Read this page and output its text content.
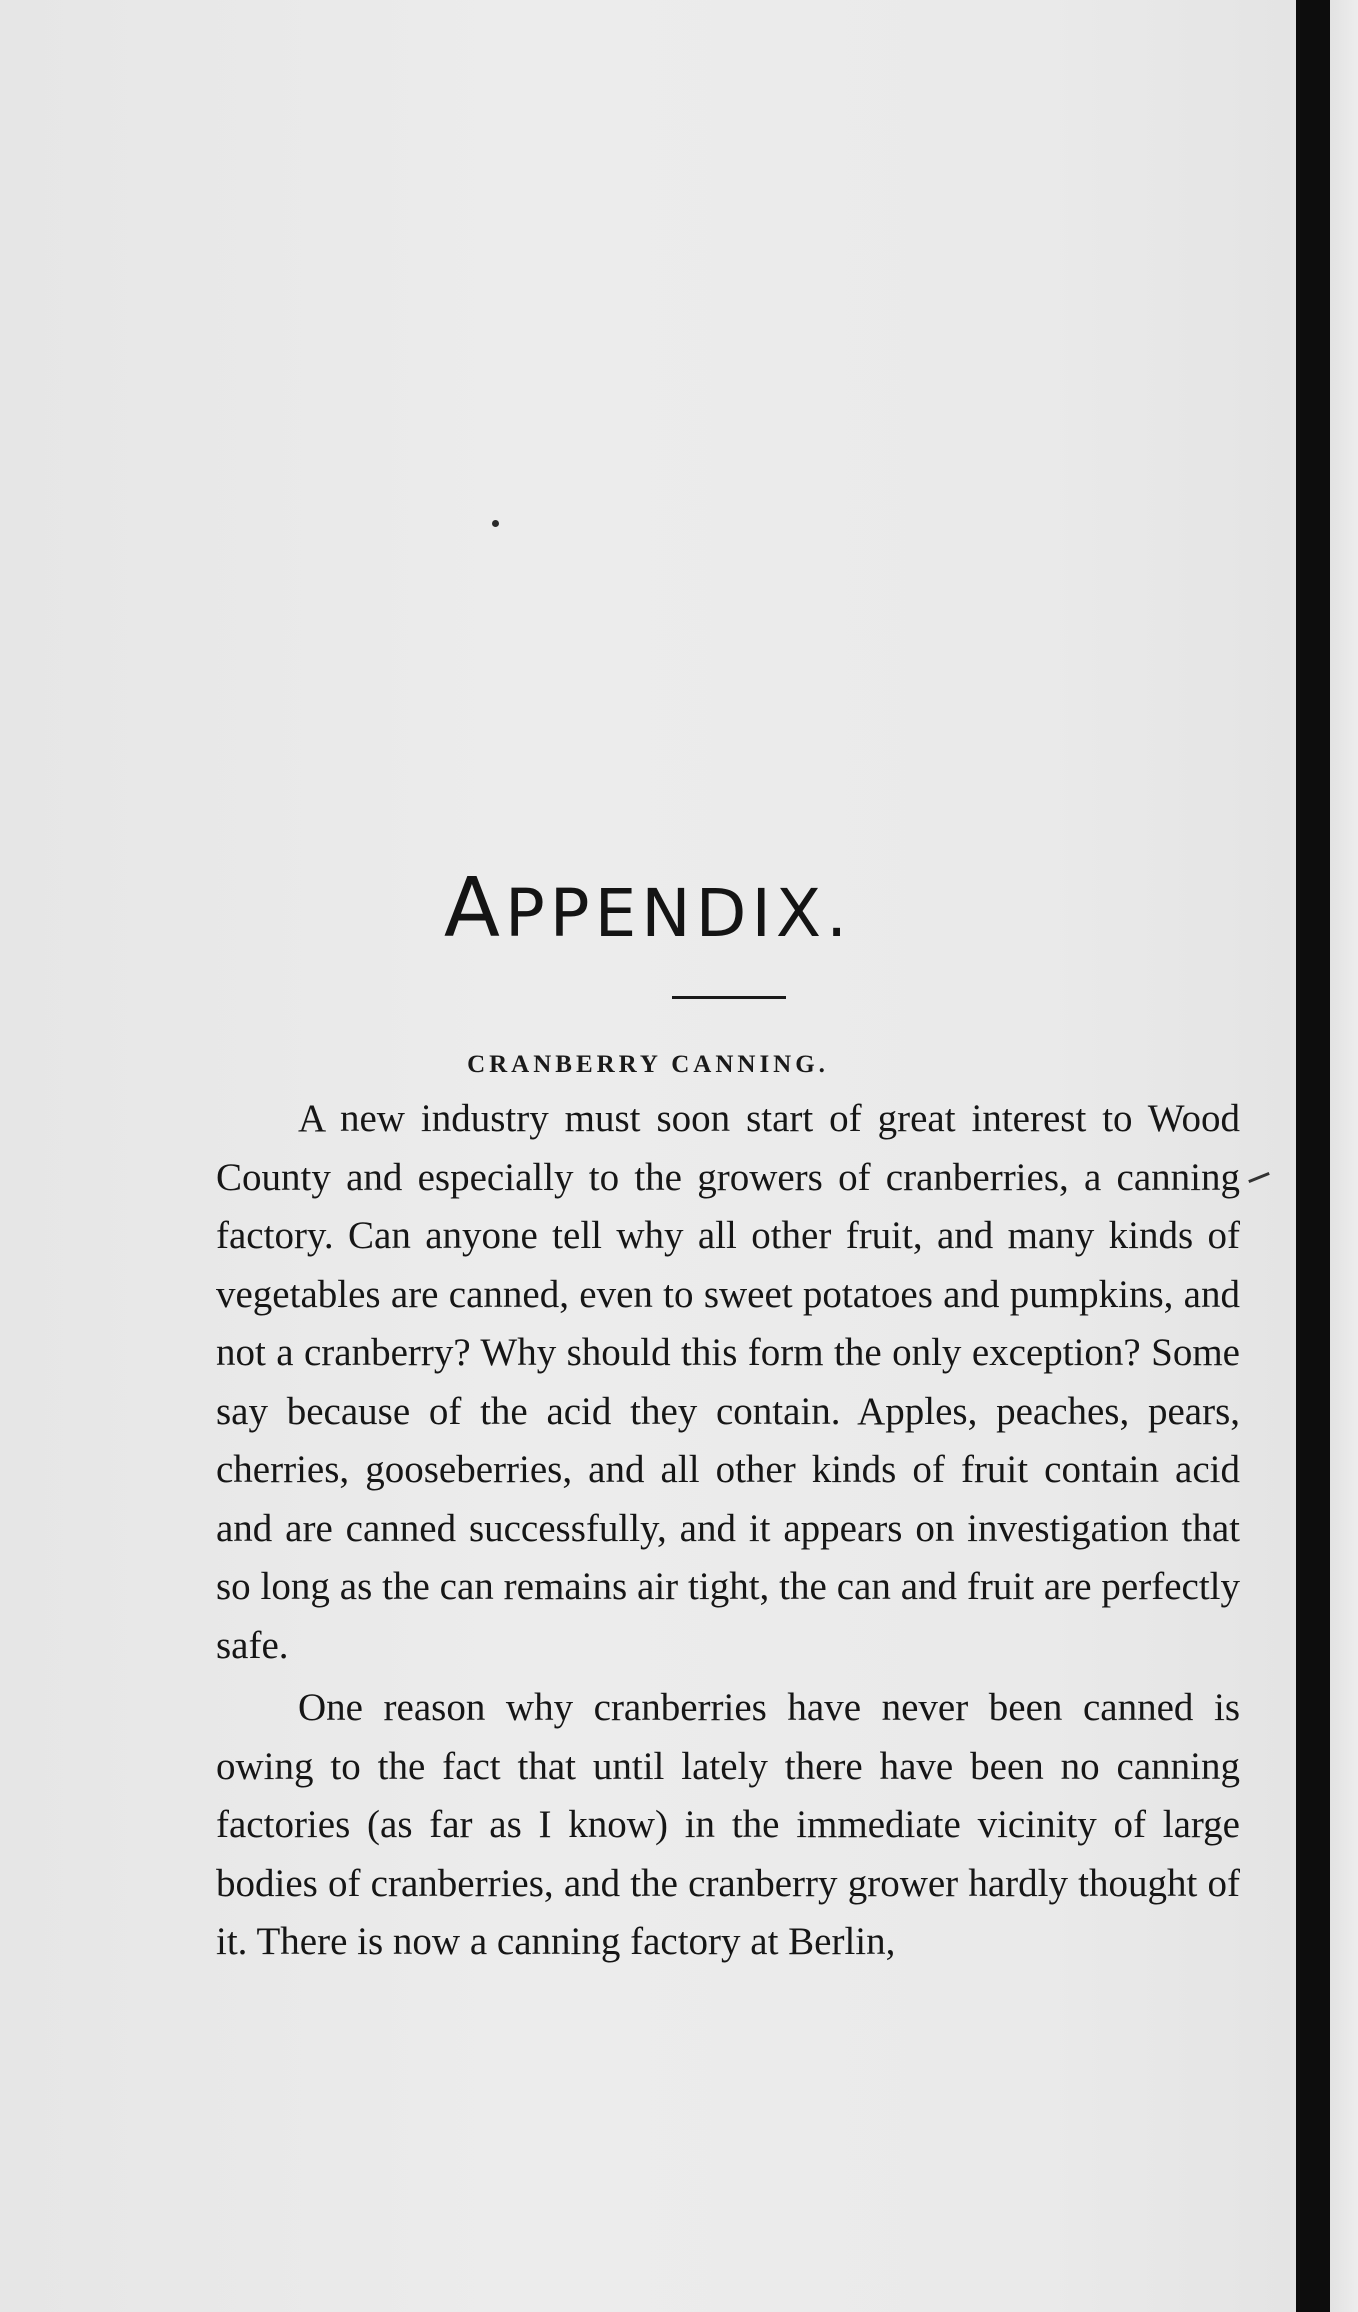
APPENDIX.
CRANBERRY CANNING.

A new industry must soon start of great interest to Wood County and especially to the growers of cranberries, a canning factory. Can anyone tell why all other fruit, and many kinds of vegetables are canned, even to sweet potatoes and pumpkins, and not a cranberry? Why should this form the only exception? Some say because of the acid they contain. Apples, peaches, pears, cherries, gooseberries, and all other kinds of fruit contain acid and are canned successfully, and it appears on investigation that so long as the can remains air tight, the can and fruit are perfectly safe.

One reason why cranberries have never been canned is owing to the fact that until lately there have been no canning factories (as far as I know) in the immediate vicinity of large bodies of cranberries, and the cranberry grower hardly thought of it. There is now a canning factory at Berlin,
